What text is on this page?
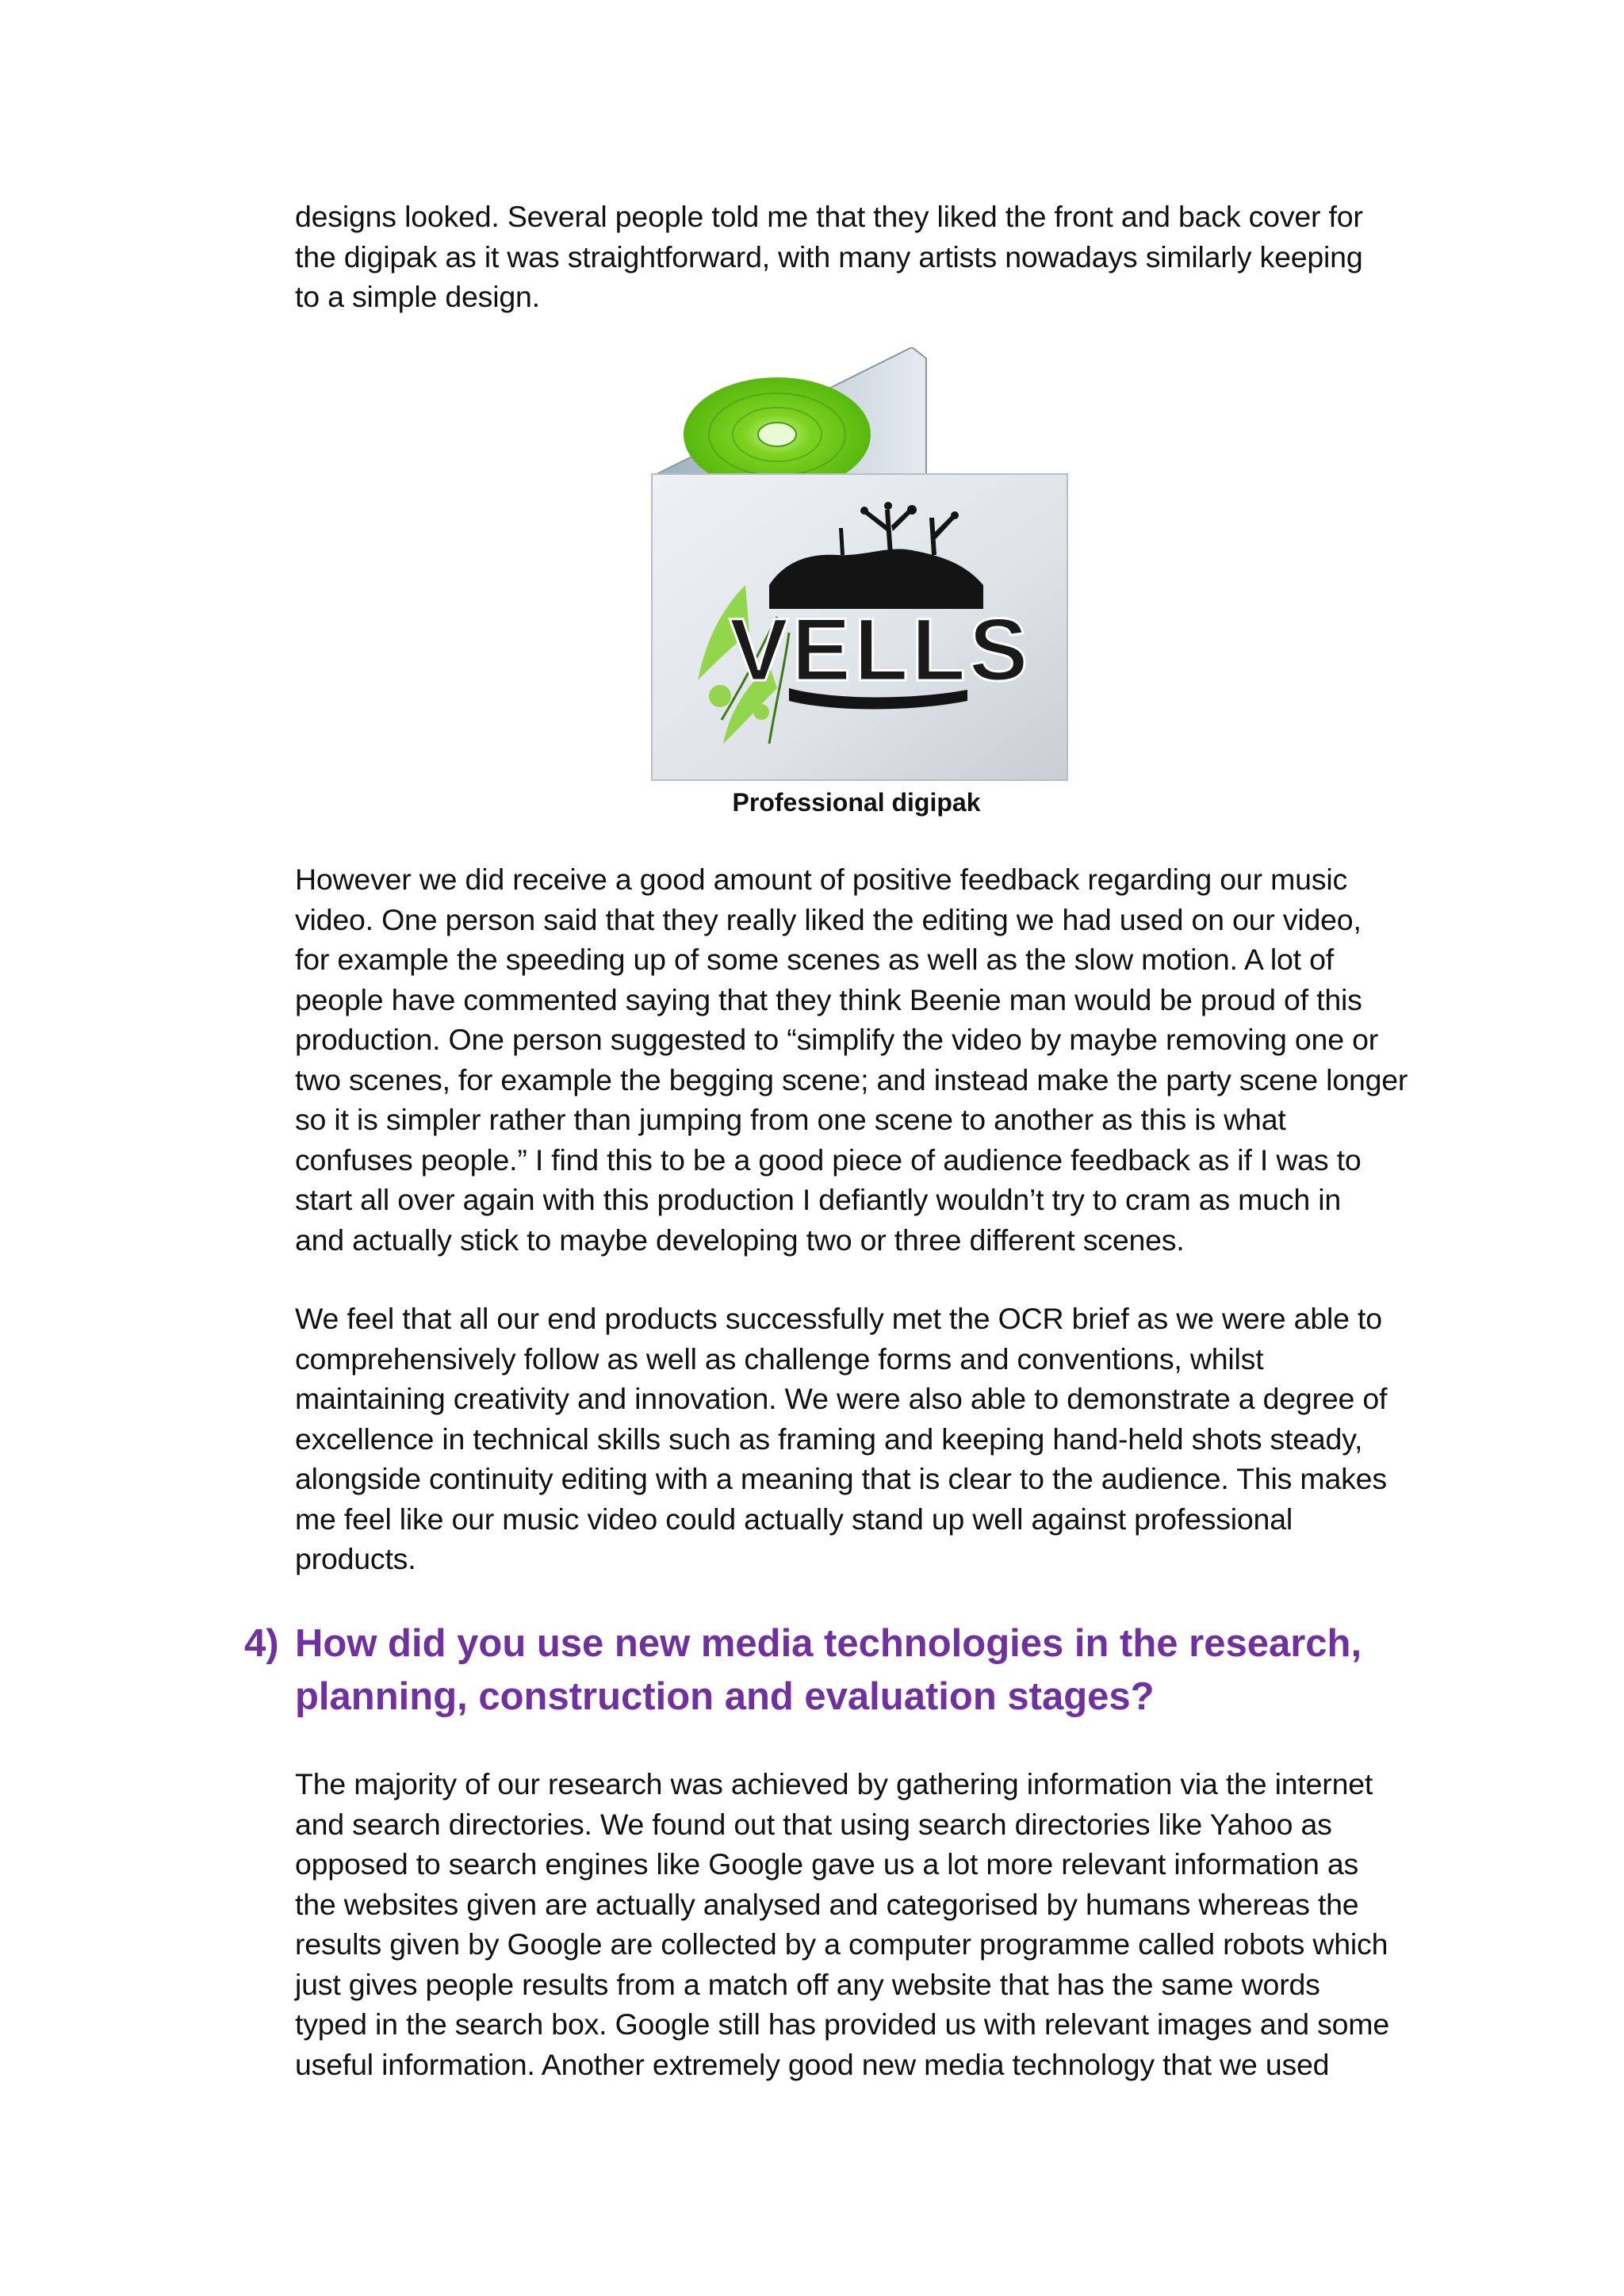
designs looked. Several people told me that they liked the front and back cover for
the digipak as it was straightforward, with many artists nowadays similarly keeping
to a simple design.

VELLS
Professional digipak

However we did receive a good amount of positive feedback regarding our music
video. One person said that they really liked the editing we had used on our video,
for example the speeding up of some scenes as well as the slow motion. A lot of
people have commented saying that they think Beenie man would be proud of this
production. One person suggested to “simplify the video by maybe removing one or
two scenes, for example the begging scene; and instead make the party scene longer
so it is simpler rather than jumping from one scene to another as this is what
confuses people.” I find this to be a good piece of audience feedback as if I was to
start all over again with this production I defiantly wouldn’t try to cram as much in
and actually stick to maybe developing two or three different scenes.

We feel that all our end products successfully met the OCR brief as we were able to
comprehensively follow as well as challenge forms and conventions, whilst
maintaining creativity and innovation. We were also able to demonstrate a degree of
excellence in technical skills such as framing and keeping hand-held shots steady,
alongside continuity editing with a meaning that is clear to the audience. This makes
me feel like our music video could actually stand up well against professional
products.

4) How did you use new media technologies in the research,
planning, construction and evaluation stages?

The majority of our research was achieved by gathering information via the internet
and search directories. We found out that using search directories like Yahoo as
opposed to search engines like Google gave us a lot more relevant information as
the websites given are actually analysed and categorised by humans whereas the
results given by Google are collected by a computer programme called robots which
just gives people results from a match off any website that has the same words
typed in the search box. Google still has provided us with relevant images and some
useful information. Another extremely good new media technology that we used
